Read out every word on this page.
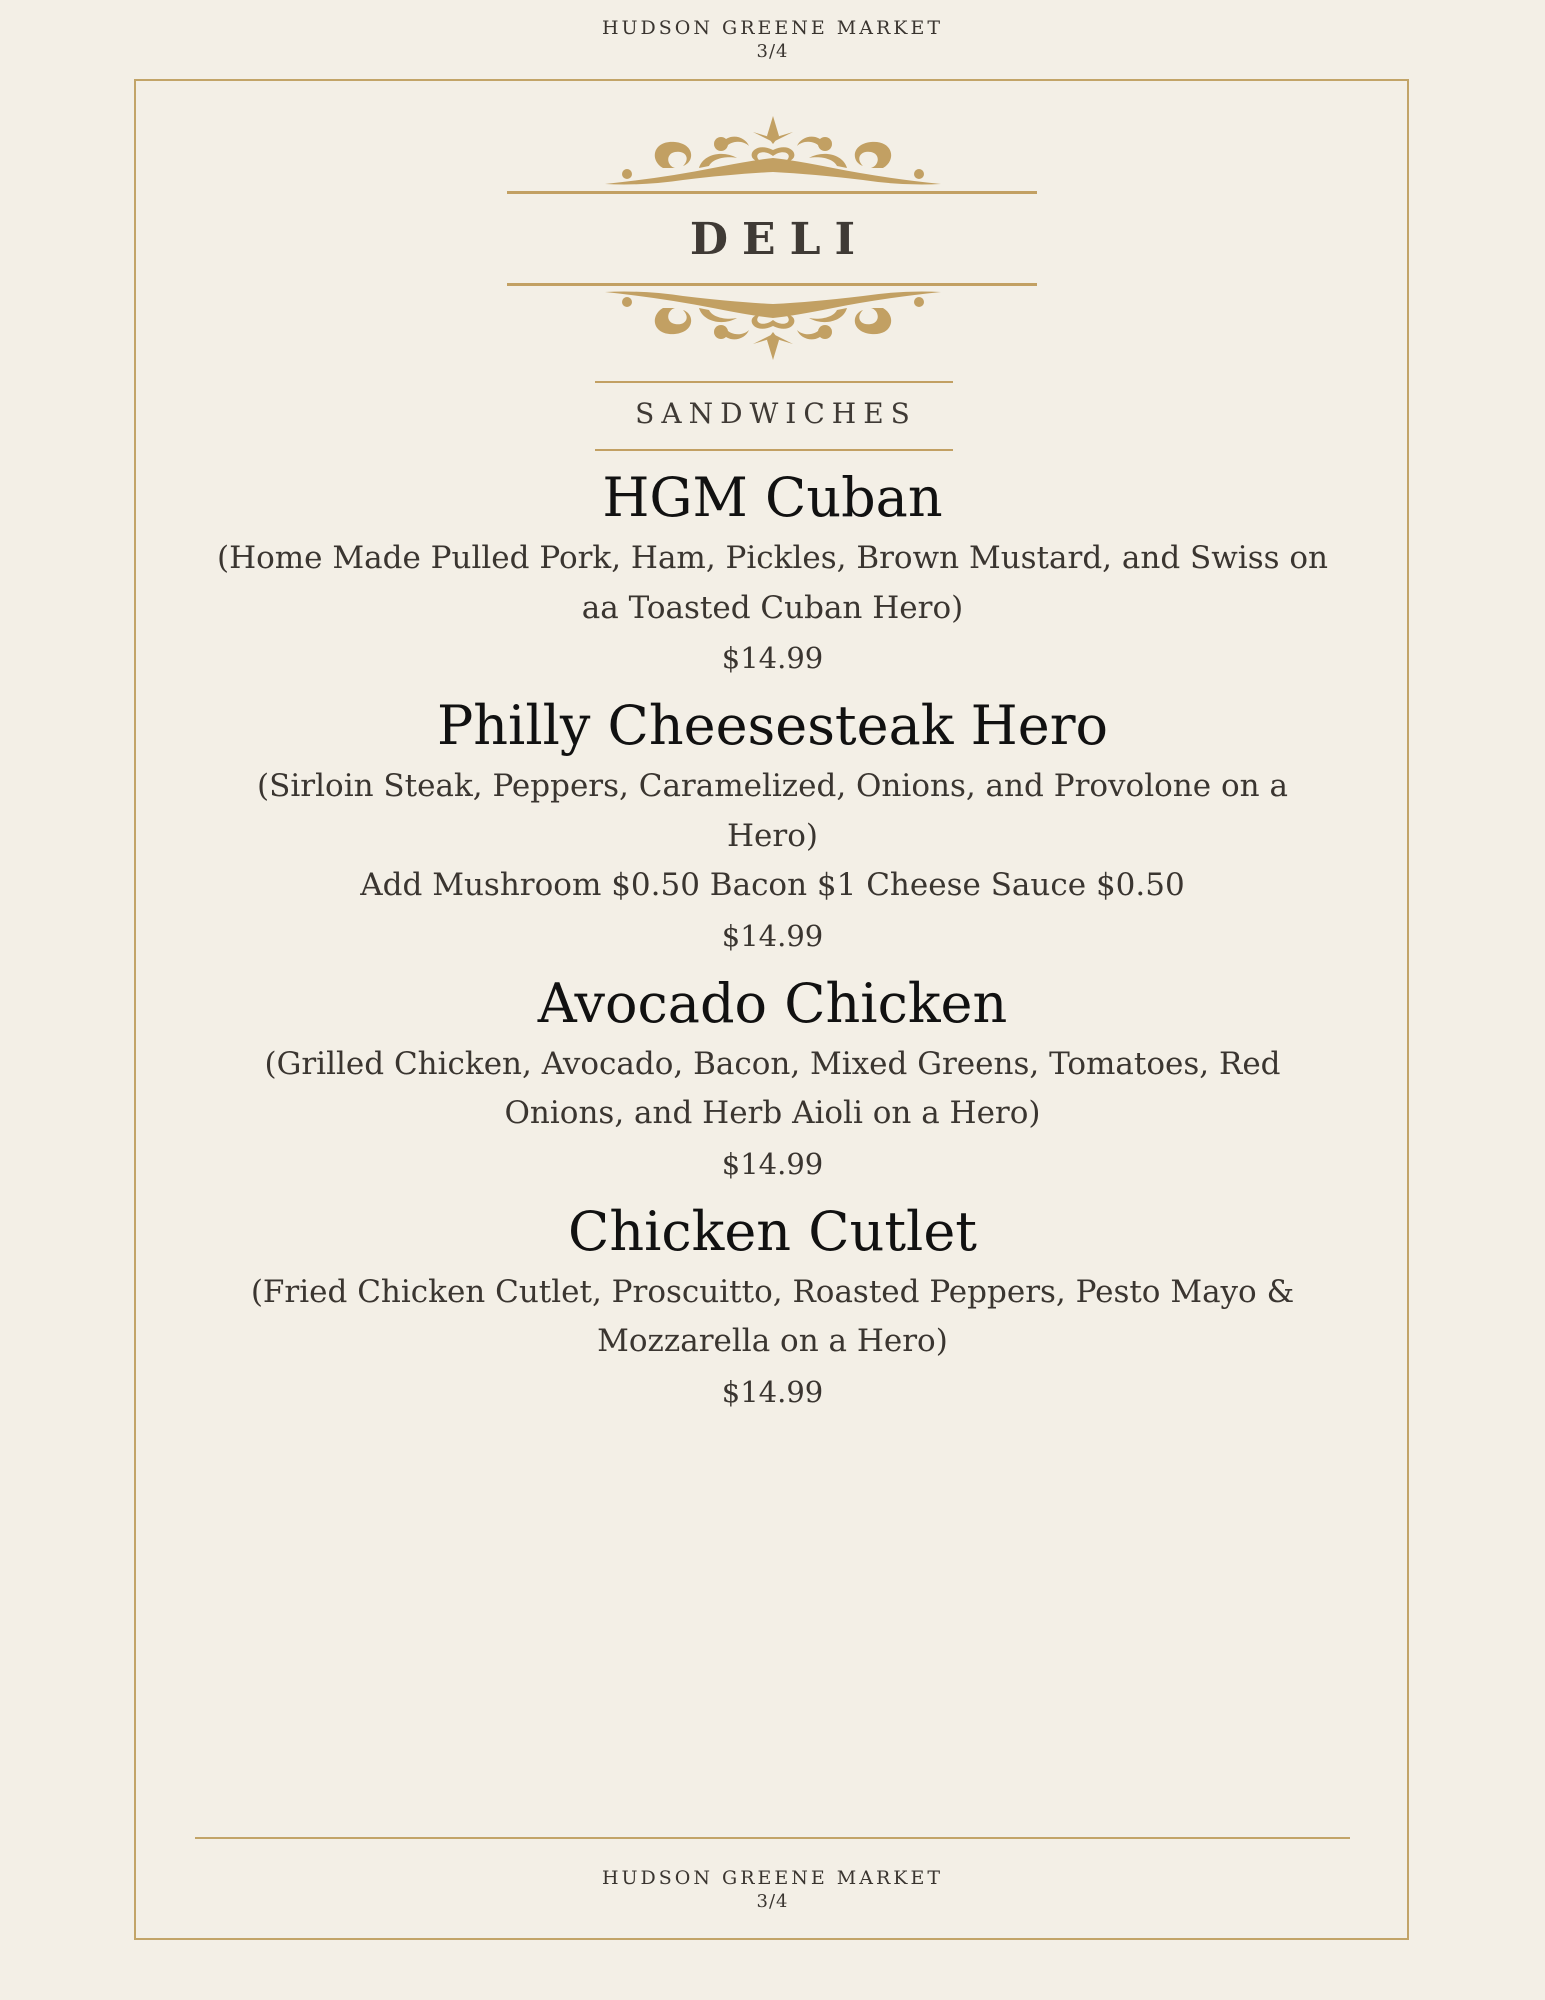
HUDSON GREENE MARKET
3/4
DELI
SANDWICHES

HGM Cuban

(Home Made Pulled Pork, Ham, Pickles, Brown Mustard, and Swiss on aa Toasted Cuban Hero)

$14.99

Philly Cheesesteak Hero

(Sirloin Steak, Peppers, Caramelized, Onions, and Provolone on a Hero)

Add Mushroom $0.50 Bacon $1 Cheese Sauce $0.50

$14.99

Avocado Chicken

(Grilled Chicken, Avocado, Bacon, Mixed Greens, Tomatoes, Red Onions, and Herb Aioli on a Hero)

$14.99

Chicken Cutlet

(Fried Chicken Cutlet, Proscuitto, Roasted Peppers, Pesto Mayo & Mozzarella on a Hero)

$14.99

HUDSON GREENE MARKET
3/4
